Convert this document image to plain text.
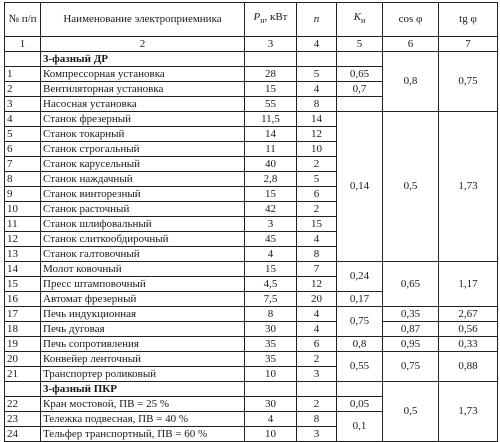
№ п/п	Наименование электроприемника	$P_н$, кВт	n	$K_и$	cos φ	tg φ
1	2	3	4	5	6	7
	3-фазный ДР				0,8	0,75
1	Компрессорная установка	28	5	0,65		
2	Вентиляторная установка	15	4	0,7		
3	Насосная установка	55	8			
4	Станок фрезерный	11,5	14	0,14	0,5	1,73
5	Станок токарный	14	12			
6	Станок строгальный	11	10			
7	Станок карусельный	40	2			
8	Станок наждачный	2,8	5			
9	Станок винторезный	15	6			
10	Станок расточный	42	2			
11	Станок шлифовальный	3	15			
12	Станок слиткообдирочный	45	4			
13	Станок галтовочный	4	8			
14	Молот ковочный	15	7	0,24	0,65	1,17
15	Пресс штамповочный	4,5	12			
16	Автомат фрезерный	7,5	20	0,17		
17	Печь индукционная	8	4	0,75	0,35	2,67
18	Печь дуговая	30	4		0,87	0,56
19	Печь сопротивления	35	6	0,8	0,95	0,33
20	Конвейер ленточный	35	2	0,55	0,75	0,88
21	Транспортер роликовый	10	3			
	3-фазный ПКР				0,5	1,73
22	Кран мостовой, ПВ = 25 %	30	2	0,05		
23	Тележка подвесная, ПВ = 40 %	4	8	0,1		
24	Тельфер транспортный, ПВ = 60 %	10	3			
